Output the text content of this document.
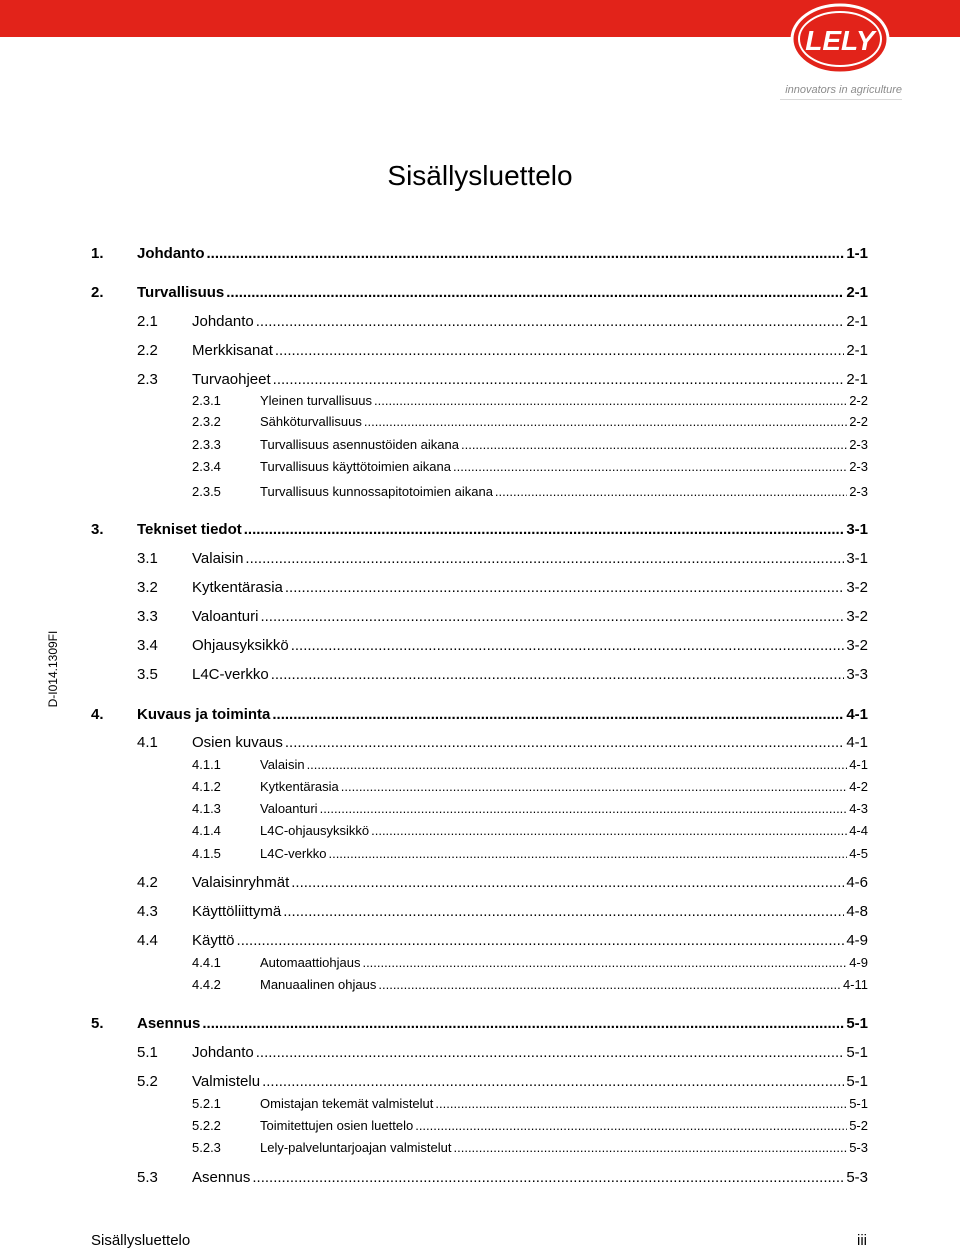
LELY
innovators in agriculture
D-I014.1309FI
Sisällysluettelo
1.	Johdanto .....	1-1
2.	Turvallisuus .....	2-1
2.1	Johdanto .....	2-1
2.2	Merkkisanat .....	2-1
2.3	Turvaohjeet .....	2-1
2.3.1	Yleinen turvallisuus .....	2-2
2.3.2	Sähköturvallisuus .....	2-2
2.3.3	Turvallisuus asennustöiden aikana .....	2-3
2.3.4	Turvallisuus käyttötoimien aikana .....	2-3
2.3.5	Turvallisuus kunnossapitotoimien aikana .....	2-3
3.	Tekniset tiedot .....	3-1
3.1	Valaisin .....	3-1
3.2	Kytkentärasia .....	3-2
3.3	Valoanturi .....	3-2
3.4	Ohjausyksikkö .....	3-2
3.5	L4C-verkko .....	3-3
4.	Kuvaus ja toiminta .....	4-1
4.1	Osien kuvaus .....	4-1
4.1.1	Valaisin .....	4-1
4.1.2	Kytkentärasia .....	4-2
4.1.3	Valoanturi .....	4-3
4.1.4	L4C-ohjausyksikkö .....	4-4
4.1.5	L4C-verkko .....	4-5
4.2	Valaisinryhmät .....	4-6
4.3	Käyttöliittymä .....	4-8
4.4	Käyttö .....	4-9
4.4.1	Automaattiohjaus .....	4-9
4.4.2	Manuaalinen ohjaus .....	4-11
5.	Asennus .....	5-1
5.1	Johdanto .....	5-1
5.2	Valmistelu .....	5-1
5.2.1	Omistajan tekemät valmistelut .....	5-1
5.2.2	Toimitettujen osien luettelo .....	5-2
5.2.3	Lely-palveluntarjoajan valmistelut .....	5-3
5.3	Asennus .....	5-3
Sisällysluettelo	iii
